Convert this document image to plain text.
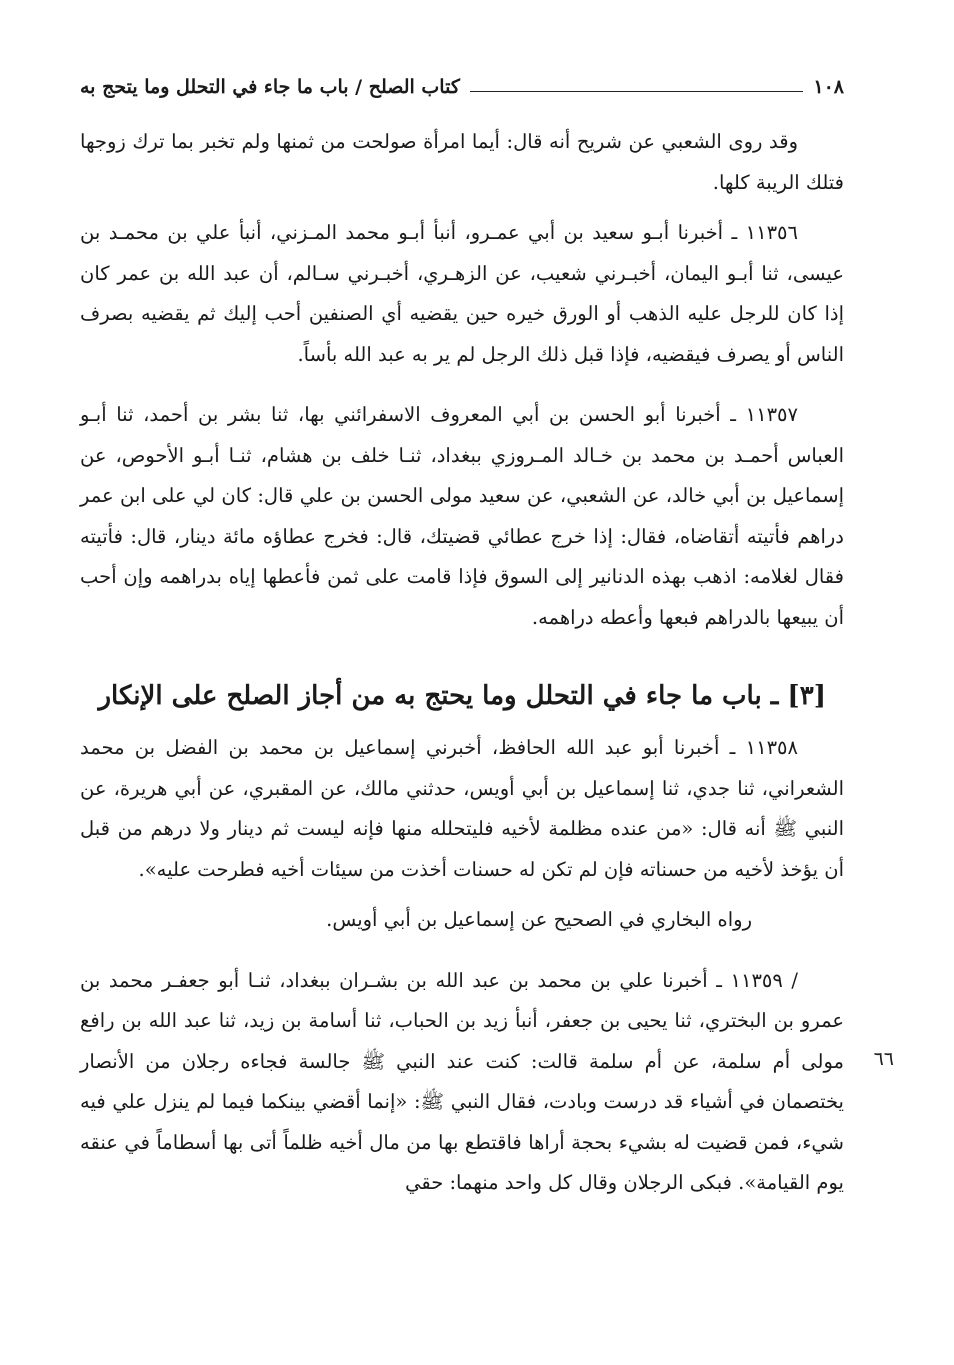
١٠٨
كتاب الصلح / باب ما جاء في التحلل وما يتحج به

وقد روى الشعبي عن شريح أنه قال: أيما امرأة صولحت من ثمنها ولم تخبر بما ترك زوجها فتلك الريبة كلها.

١١٣٥٦ ـ أخبرنا أبـو سعيد بن أبي عمـرو، أنبأ أبـو محمد المـزني، أنبأ علي بن محمـد بن عيسى، ثنا أبـو اليمان، أخبـرني شعيب، عن الزهـري، أخبـرني سـالم، أن عبد الله بن عمر كان إذا كان للرجل عليه الذهب أو الورق خيره حين يقضيه أي الصنفين أحب إليك ثم يقضيه بصرف الناس أو يصرف فيقضيه، فإذا قبل ذلك الرجل لم ير به عبد الله بأساً.

١١٣٥٧ ـ أخبرنا أبو الحسن بن أبي المعروف الاسفرائني بها، ثنا بشر بن أحمد، ثنا أبـو العباس أحمـد بن محمد بن خـالد المـروزي ببغداد، ثنـا خلف بن هشام، ثنـا أبـو الأحوص، عن إسماعيل بن أبي خالد، عن الشعبي، عن سعيد مولى الحسن بن علي قال: كان لي على ابن عمر دراهم فأتيته أتقاضاه، فقال: إذا خرج عطائي قضيتك، قال: فخرج عطاؤه مائة دينار، قال: فأتيته فقال لغلامه: اذهب بهذه الدنانير إلى السوق فإذا قامت على ثمن فأعطها إياه بدراهمه وإن أحب أن يبيعها بالدراهم فبعها وأعطه دراهمه.

[٣] ـ باب ما جاء في التحلل وما يحتج به من أجاز الصلح على الإنكار

١١٣٥٨ ـ أخبرنا أبو عبد الله الحافظ، أخبرني إسماعيل بن محمد بن الفضل بن محمد الشعراني، ثنا جدي، ثنا إسماعيل بن أبي أويس، حدثني مالك، عن المقبري، عن أبي هريرة، عن النبي ﷺ أنه قال: «من عنده مظلمة لأخيه فليتحلله منها فإنه ليست ثم دينار ولا درهم من قبل أن يؤخذ لأخيه من حسناته فإن لم تكن له حسنات أخذت من سيئات أخيه فطرحت عليه».

رواه البخاري في الصحيح عن إسماعيل بن أبي أويس.

/ ١١٣٥٩ ـ أخبرنا علي بن محمد بن عبد الله بن بشـران ببغداد، ثنـا أبو جعفـر محمد بن عمرو بن البختري، ثنا يحيى بن جعفر، أنبأ زيد بن الحباب، ثنا أسامة بن زيد، ثنا عبد الله بن رافع مولى أم سلمة، عن أم سلمة قالت: كنت عند النبي ﷺ جالسة فجاءه رجلان من الأنصار يختصمان في أشياء قد درست وبادت، فقال النبي ﷺ: «إنما أقضي بينكما فيما لم ينزل علي فيه شيء، فمن قضيت له بشيء بحجة أراها فاقتطع بها من مال أخيه ظلماً أتى بها أسطاماً في عنقه يوم القيامة». فبكى الرجلان وقال كل واحد منهما: حقي

٦٦
